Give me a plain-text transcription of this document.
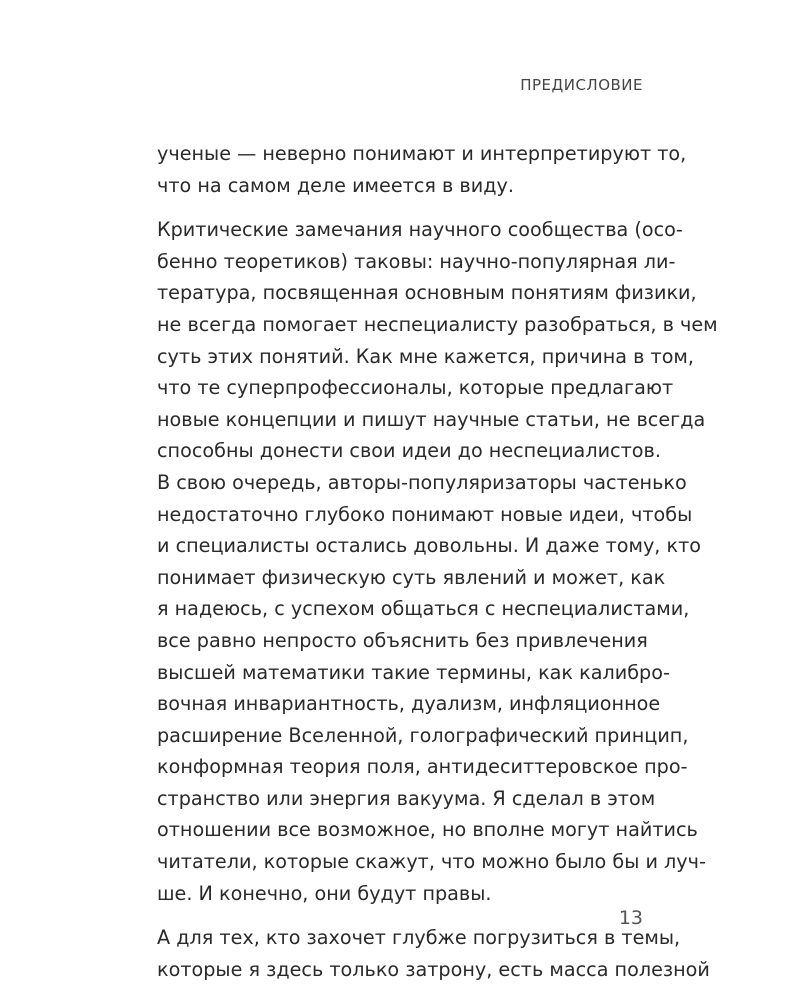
ПРЕДИСЛОВИЕ

ученые — неверно понимают и интерпретируют то,
что на самом деле имеется в виду.

Критические замечания научного сообщества (осо-
бенно теоретиков) таковы: научно-популярная ли-
тература, посвященная основным понятиям физики,
не всегда помогает неспециалисту разобраться, в чем
суть этих понятий. Как мне кажется, причина в том,
что те суперпрофессионалы, которые предлагают
новые концепции и пишут научные статьи, не всегда
способны донести свои идеи до неспециалистов.
В свою очередь, авторы-популяризаторы частенько
недостаточно глубоко понимают новые идеи, чтобы
и специалисты остались довольны. И даже тому, кто
понимает физическую суть явлений и может, как
я надеюсь, с успехом общаться с неспециалистами,
все равно непросто объяснить без привлечения
высшей математики такие термины, как калибро-
вочная инвариантность, дуализм, инфляционное
расширение Вселенной, голографический принцип,
конформная теория поля, антидеситтеровское про-
странство или энергия вакуума. Я сделал в этом
отношении все возможное, но вполне могут найтись
читатели, которые скажут, что можно было бы и луч-
ше. И конечно, они будут правы.

А для тех, кто захочет глубже погрузиться в темы,
которые я здесь только затрону, есть масса полезной

13
